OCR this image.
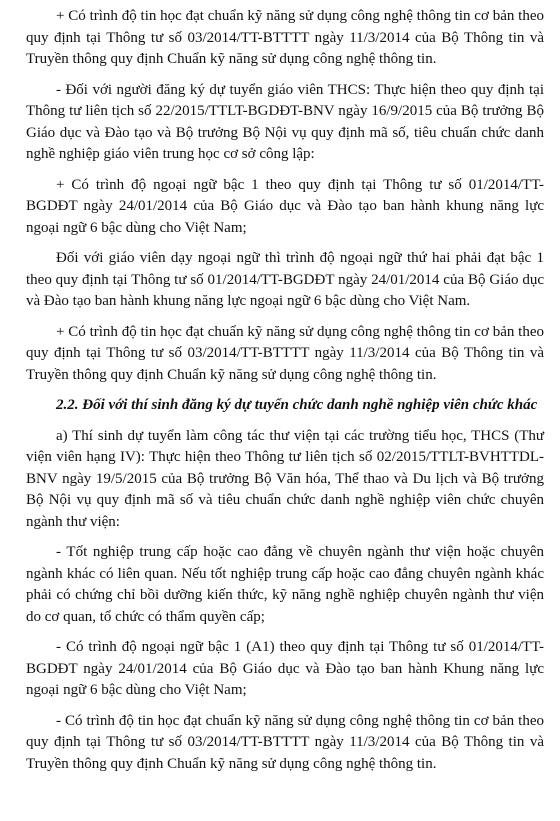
+ Có trình độ tin học đạt chuẩn kỹ năng sử dụng công nghệ thông tin cơ bản theo quy định tại Thông tư số 03/2014/TT-BTTTT ngày 11/3/2014 của Bộ Thông tin và Truyền thông quy định Chuẩn kỹ năng sử dụng công nghệ thông tin.

- Đối với người đăng ký dự tuyển giáo viên THCS: Thực hiện theo quy định tại Thông tư liên tịch số 22/2015/TTLT-BGDĐT-BNV ngày 16/9/2015 của Bộ trưởng Bộ Giáo dục và Đào tạo và Bộ trưởng Bộ Nội vụ quy định mã số, tiêu chuẩn chức danh nghề nghiệp giáo viên trung học cơ sở công lập:

+ Có trình độ ngoại ngữ bậc 1 theo quy định tại Thông tư số 01/2014/TT-BGDĐT ngày 24/01/2014 của Bộ Giáo dục và Đào tạo ban hành khung năng lực ngoại ngữ 6 bậc dùng cho Việt Nam;

Đối với giáo viên dạy ngoại ngữ thì trình độ ngoại ngữ thứ hai phải đạt bậc 1 theo quy định tại Thông tư số 01/2014/TT-BGDĐT ngày 24/01/2014 của Bộ Giáo dục và Đào tạo ban hành khung năng lực ngoại ngữ 6 bậc dùng cho Việt Nam.

+ Có trình độ tin học đạt chuẩn kỹ năng sử dụng công nghệ thông tin cơ bản theo quy định tại Thông tư số 03/2014/TT-BTTTT ngày 11/3/2014 của Bộ Thông tin và Truyền thông quy định Chuẩn kỹ năng sử dụng công nghệ thông tin.

2.2. Đối với thí sinh đăng ký dự tuyển chức danh nghề nghiệp viên chức khác

a) Thí sinh dự tuyển làm công tác thư viện tại các trường tiểu học, THCS (Thư viện viên hạng IV): Thực hiện theo Thông tư liên tịch số 02/2015/TTLT-BVHTTDL-BNV ngày 19/5/2015 của Bộ trưởng Bộ Văn hóa, Thể thao và Du lịch và Bộ trưởng Bộ Nội vụ quy định mã số và tiêu chuẩn chức danh nghề nghiệp viên chức chuyên ngành thư viện:

- Tốt nghiệp trung cấp hoặc cao đẳng về chuyên ngành thư viện hoặc chuyên ngành khác có liên quan. Nếu tốt nghiệp trung cấp hoặc cao đẳng chuyên ngành khác phải có chứng chỉ bồi dưỡng kiến thức, kỹ năng nghề nghiệp chuyên ngành thư viện do cơ quan, tổ chức có thẩm quyền cấp;

- Có trình độ ngoại ngữ bậc 1 (A1) theo quy định tại Thông tư số 01/2014/TT-BGDĐT ngày 24/01/2014 của Bộ Giáo dục và Đào tạo ban hành Khung năng lực ngoại ngữ 6 bậc dùng cho Việt Nam;

- Có trình độ tin học đạt chuẩn kỹ năng sử dụng công nghệ thông tin cơ bản theo quy định tại Thông tư số 03/2014/TT-BTTTT ngày 11/3/2014 của Bộ Thông tin và Truyền thông quy định Chuẩn kỹ năng sử dụng công nghệ thông tin.
